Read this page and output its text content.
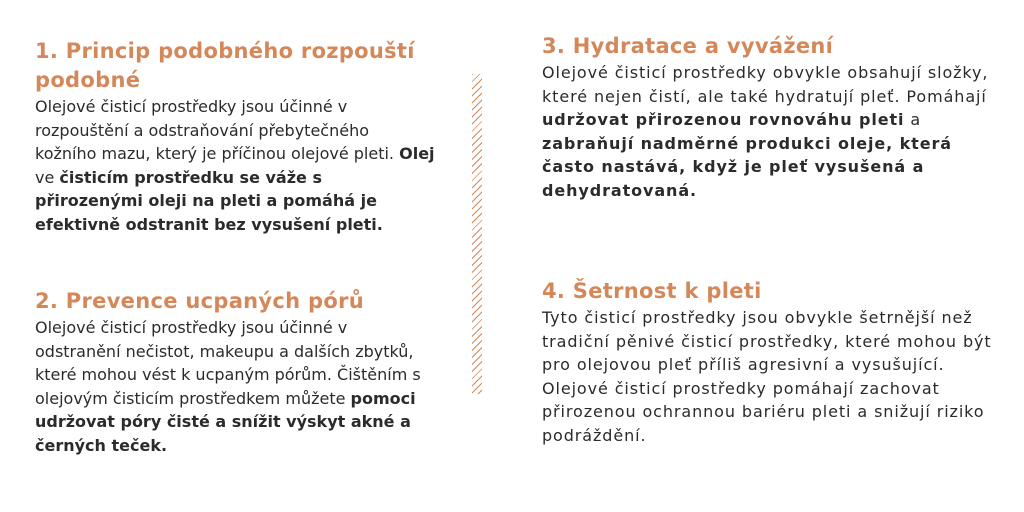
1. Princip podobného rozpouští podobné

Olejové čisticí prostředky jsou účinné v rozpouštění a odstraňování přebytečného kožního mazu, který je příčinou olejové pleti. Olej ve čisticím prostředku se váže s přirozenými oleji na pleti a pomáhá je efektivně odstranit bez vysušení pleti.

2. Prevence ucpaných pórů

Olejové čisticí prostředky jsou účinné v odstranění nečistot, makeupu a dalších zbytků, které mohou vést k ucpaným pórům. Čištěním s olejovým čisticím prostředkem můžete pomoci udržovat póry čisté a snížit výskyt akné a černých teček.

3. Hydratace a vyvážení

Olejové čisticí prostředky obvykle obsahují složky, které nejen čistí, ale také hydratují pleť. Pomáhají udržovat přirozenou rovnováhu pleti a zabraňují nadměrné produkci oleje, která často nastává, když je pleť vysušená a dehydratovaná.

4. Šetrnost k pleti

Tyto čisticí prostředky jsou obvykle šetrnější než tradiční pěnivé čisticí prostředky, které mohou být pro olejovou pleť příliš agresivní a vysušující. Olejové čisticí prostředky pomáhají zachovat přirozenou ochrannou bariéru pleti a snižují riziko podráždění.
